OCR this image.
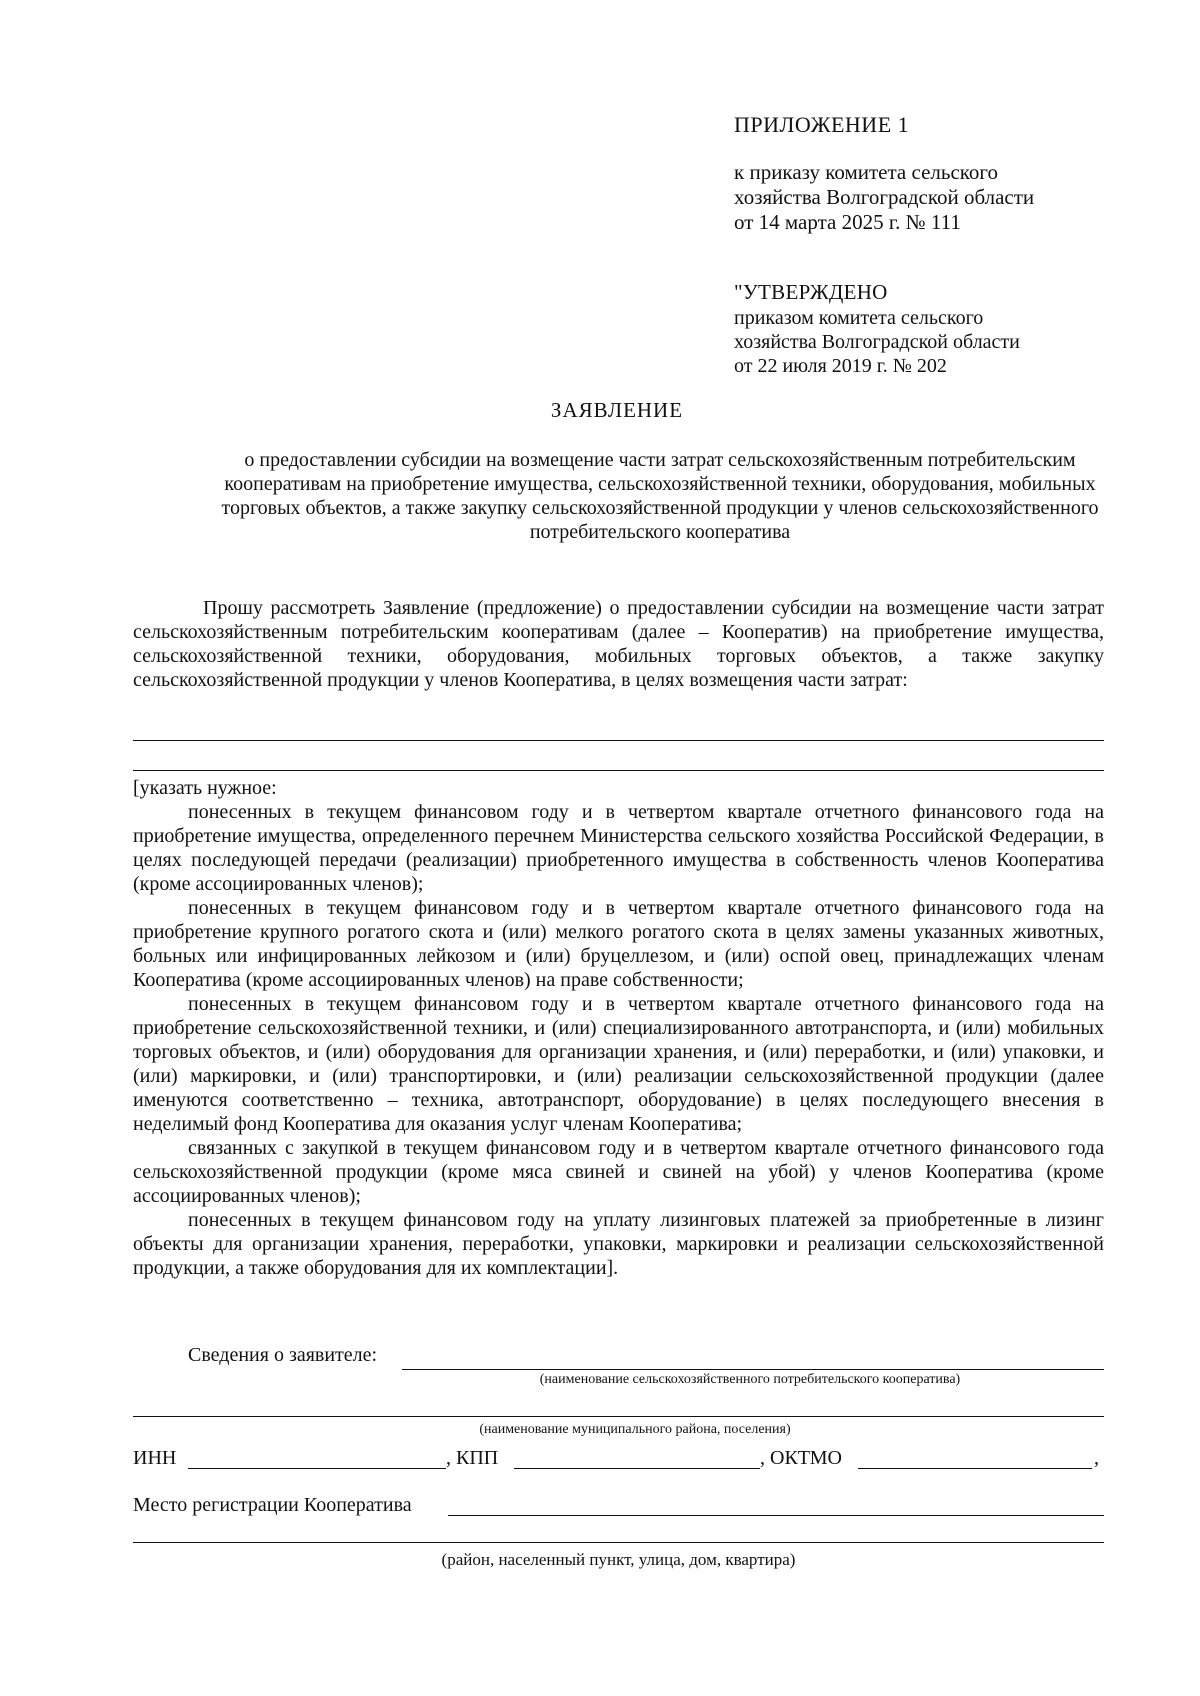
ПРИЛОЖЕНИЕ 1
к приказу комитета сельского
хозяйства Волгоградской области
от 14 марта 2025 г. № 111
"УТВЕРЖДЕНО
приказом комитета сельского
хозяйства Волгоградской области
от 22 июля 2019 г. № 202
ЗАЯВЛЕНИЕ
о предоставлении субсидии на возмещение части затрат сельскохозяйственным потребительским кооперативам на приобретение имущества, сельскохозяйственной техники, оборудования, мобильных торговых объектов, а также закупку сельскохозяйственной продукции у членов сельскохозяйственного потребительского кооператива
Прошу рассмотреть Заявление (предложение) о предоставлении субсидии на возмещение части затрат сельскохозяйственным потребительским кооперативам (далее – Кооператив) на приобретение имущества, сельскохозяйственной техники, оборудования, мобильных торговых объектов, а также закупку сельскохозяйственной продукции у членов Кооператива, в целях возмещения части затрат:
[указать нужное:

понесенных в текущем финансовом году и в четвертом квартале отчетного финансового года на приобретение имущества, определенного перечнем Министерства сельского хозяйства Российской Федерации, в целях последующей передачи (реализации) приобретенного имущества в собственность членов Кооператива (кроме ассоциированных членов);

понесенных в текущем финансовом году и в четвертом квартале отчетного финансового года на приобретение крупного рогатого скота и (или) мелкого рогатого скота в целях замены указанных животных, больных или инфицированных лейкозом и (или) бруцеллезом, и (или) оспой овец, принадлежащих членам Кооператива (кроме ассоциированных членов) на праве собственности;

понесенных в текущем финансовом году и в четвертом квартале отчетного финансового года на приобретение сельскохозяйственной техники, и (или) специализированного автотранспорта, и (или) мобильных торговых объектов, и (или) оборудования для организации хранения, и (или) переработки, и (или) упаковки, и (или) маркировки, и (или) транспортировки, и (или) реализации сельскохозяйственной продукции (далее именуются соответственно – техника, автотранспорт, оборудование) в целях последующего внесения в неделимый фонд Кооператива для оказания услуг членам Кооператива;

связанных с закупкой в текущем финансовом году и в четвертом квартале отчетного финансового года сельскохозяйственной продукции (кроме мяса свиней и свиней на убой) у членов Кооператива (кроме ассоциированных членов);

понесенных в текущем финансовом году на уплату лизинговых платежей за приобретенные в лизинг объекты для организации хранения, переработки, упаковки, маркировки и реализации сельскохозяйственной продукции, а также оборудования для их комплектации].

Сведения о заявителе:
(наименование сельскохозяйственного потребительского кооператива)
(наименование муниципального района, поселения)
ИНН	, КПП	, ОКТМО	,
Место регистрации Кооператива
(район, населенный пункт, улица, дом, квартира)
